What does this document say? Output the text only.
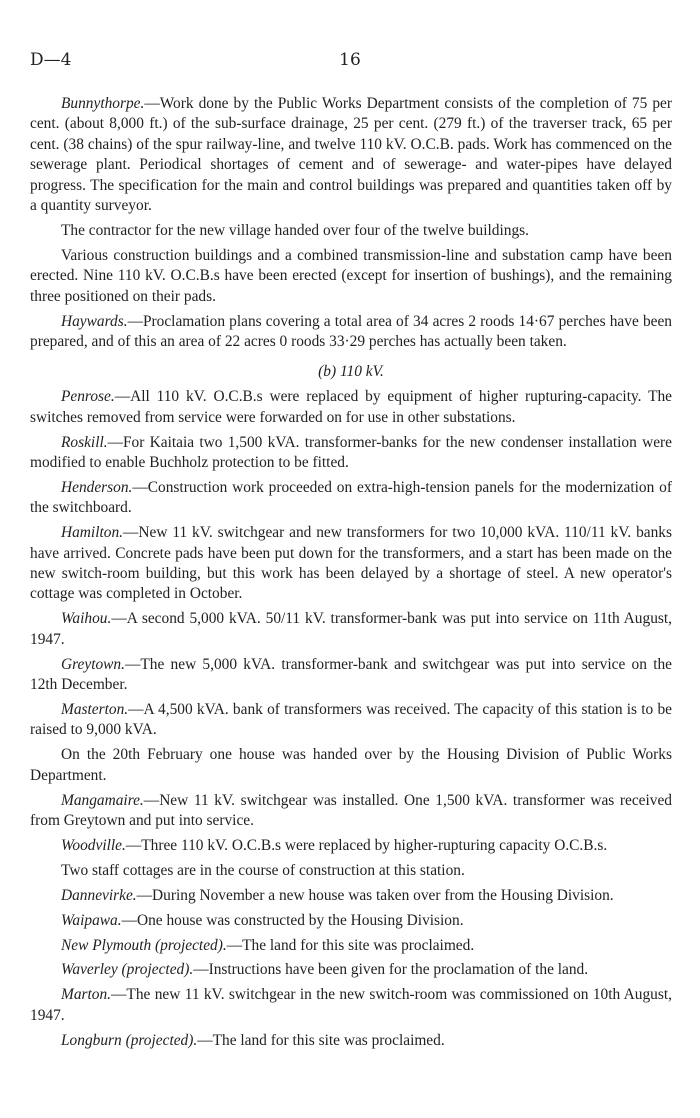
D—4	16

Bunnythorpe.—Work done by the Public Works Department consists of the completion of 75 per cent. (about 8,000 ft.) of the sub-surface drainage, 25 per cent. (279 ft.) of the traverser track, 65 per cent. (38 chains) of the spur railway-line, and twelve 110 kV. O.C.B. pads. Work has commenced on the sewerage plant. Periodical shortages of cement and of sewerage- and water-pipes have delayed progress. The specification for the main and control buildings was prepared and quantities taken off by a quantity surveyor.

The contractor for the new village handed over four of the twelve buildings.

Various construction buildings and a combined transmission-line and substation camp have been erected. Nine 110 kV. O.C.B.s have been erected (except for insertion of bushings), and the remaining three positioned on their pads.

Haywards.—Proclamation plans covering a total area of 34 acres 2 roods 14·67 perches have been prepared, and of this an area of 22 acres 0 roods 33·29 perches has actually been taken.

(b) 110 kV.

Penrose.—All 110 kV. O.C.B.s were replaced by equipment of higher rupturing-capacity. The switches removed from service were forwarded on for use in other substations.

Roskill.—For Kaitaia two 1,500 kVA. transformer-banks for the new condenser installation were modified to enable Buchholz protection to be fitted.

Henderson.—Construction work proceeded on extra-high-tension panels for the modernization of the switchboard.

Hamilton.—New 11 kV. switchgear and new transformers for two 10,000 kVA. 110/11 kV. banks have arrived. Concrete pads have been put down for the transformers, and a start has been made on the new switch-room building, but this work has been delayed by a shortage of steel. A new operator's cottage was completed in October.

Waihou.—A second 5,000 kVA. 50/11 kV. transformer-bank was put into service on 11th August, 1947.

Greytown.—The new 5,000 kVA. transformer-bank and switchgear was put into service on the 12th December.

Masterton.—A 4,500 kVA. bank of transformers was received. The capacity of this station is to be raised to 9,000 kVA.

On the 20th February one house was handed over by the Housing Division of Public Works Department.

Mangamaire.—New 11 kV. switchgear was installed. One 1,500 kVA. transformer was received from Greytown and put into service.

Woodville.—Three 110 kV. O.C.B.s were replaced by higher-rupturing capacity O.C.B.s.

Two staff cottages are in the course of construction at this station.

Dannevirke.—During November a new house was taken over from the Housing Division.

Waipawa.—One house was constructed by the Housing Division.

New Plymouth (projected).—The land for this site was proclaimed.

Waverley (projected).—Instructions have been given for the proclamation of the land.

Marton.—The new 11 kV. switchgear in the new switch-room was commissioned on 10th August, 1947.

Longburn (projected).—The land for this site was proclaimed.
